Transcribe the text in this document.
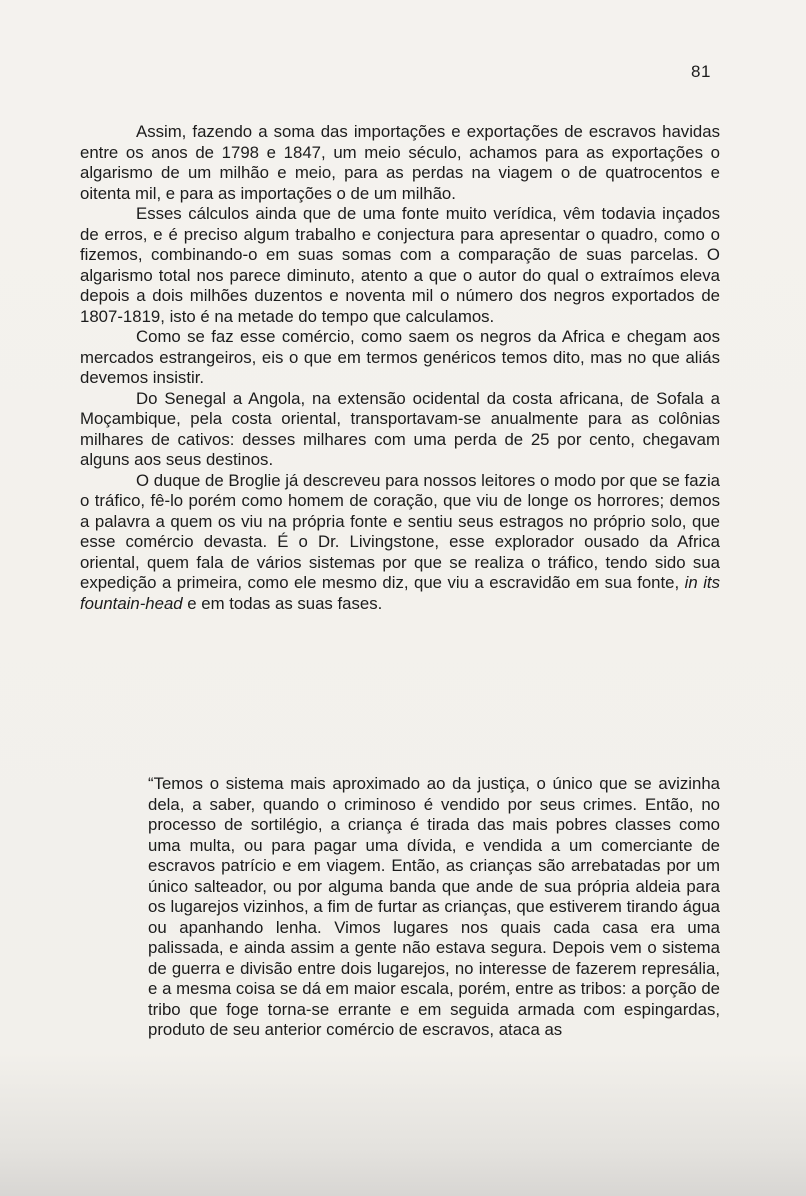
81

Assim, fazendo a soma das importações e exportações de escravos havidas entre os anos de 1798 e 1847, um meio século, achamos para as exportações o algarismo de um milhão e meio, para as perdas na viagem o de quatrocentos e oitenta mil, e para as importações o de um milhão.

Esses cálculos ainda que de uma fonte muito verídica, vêm todavia inçados de erros, e é preciso algum trabalho e conjectura para apresentar o quadro, como o fizemos, combinando-o em suas somas com a comparação de suas parcelas. O algarismo total nos parece diminuto, atento a que o autor do qual o extraímos eleva depois a dois milhões duzentos e noventa mil o número dos negros exportados de 1807-1819, isto é na metade do tempo que calculamos.

Como se faz esse comércio, como saem os negros da Africa e chegam aos mercados estrangeiros, eis o que em termos genéricos temos dito, mas no que aliás devemos insistir.

Do Senegal a Angola, na extensão ocidental da costa africana, de Sofala a Moçambique, pela costa oriental, transportavam-se anualmente para as colônias milhares de cativos: desses milhares com uma perda de 25 por cento, chegavam alguns aos seus destinos.

O duque de Broglie já descreveu para nossos leitores o modo por que se fazia o tráfico, fê-lo porém como homem de coração, que viu de longe os horrores; demos a palavra a quem os viu na própria fonte e sentiu seus estragos no próprio solo, que esse comércio devasta. É o Dr. Livingstone, esse explorador ousado da Africa oriental, quem fala de vários sistemas por que se realiza o tráfico, tendo sido sua expedição a primeira, como ele mesmo diz, que viu a escravidão em sua fonte, in its fountain-head e em todas as suas fases.

“Temos o sistema mais aproximado ao da justiça, o único que se avizinha dela, a saber, quando o criminoso é vendido por seus crimes. Então, no processo de sortilégio, a criança é tirada das mais pobres classes como uma multa, ou para pagar uma dívida, e vendida a um comerciante de escravos patrício e em viagem. Então, as crianças são arrebatadas por um único salteador, ou por alguma banda que ande de sua própria aldeia para os lugarejos vizinhos, a fim de furtar as crianças, que estiverem tirando água ou apanhando lenha. Vimos lugares nos quais cada casa era uma palissada, e ainda assim a gente não estava segura. Depois vem o sistema de guerra e divisão entre dois lugarejos, no interesse de fazerem represália, e a mesma coisa se dá em maior escala, porém, entre as tribos: a porção de tribo que foge torna-se errante e em seguida armada com espingardas, produto de seu anterior comércio de escravos, ataca as
